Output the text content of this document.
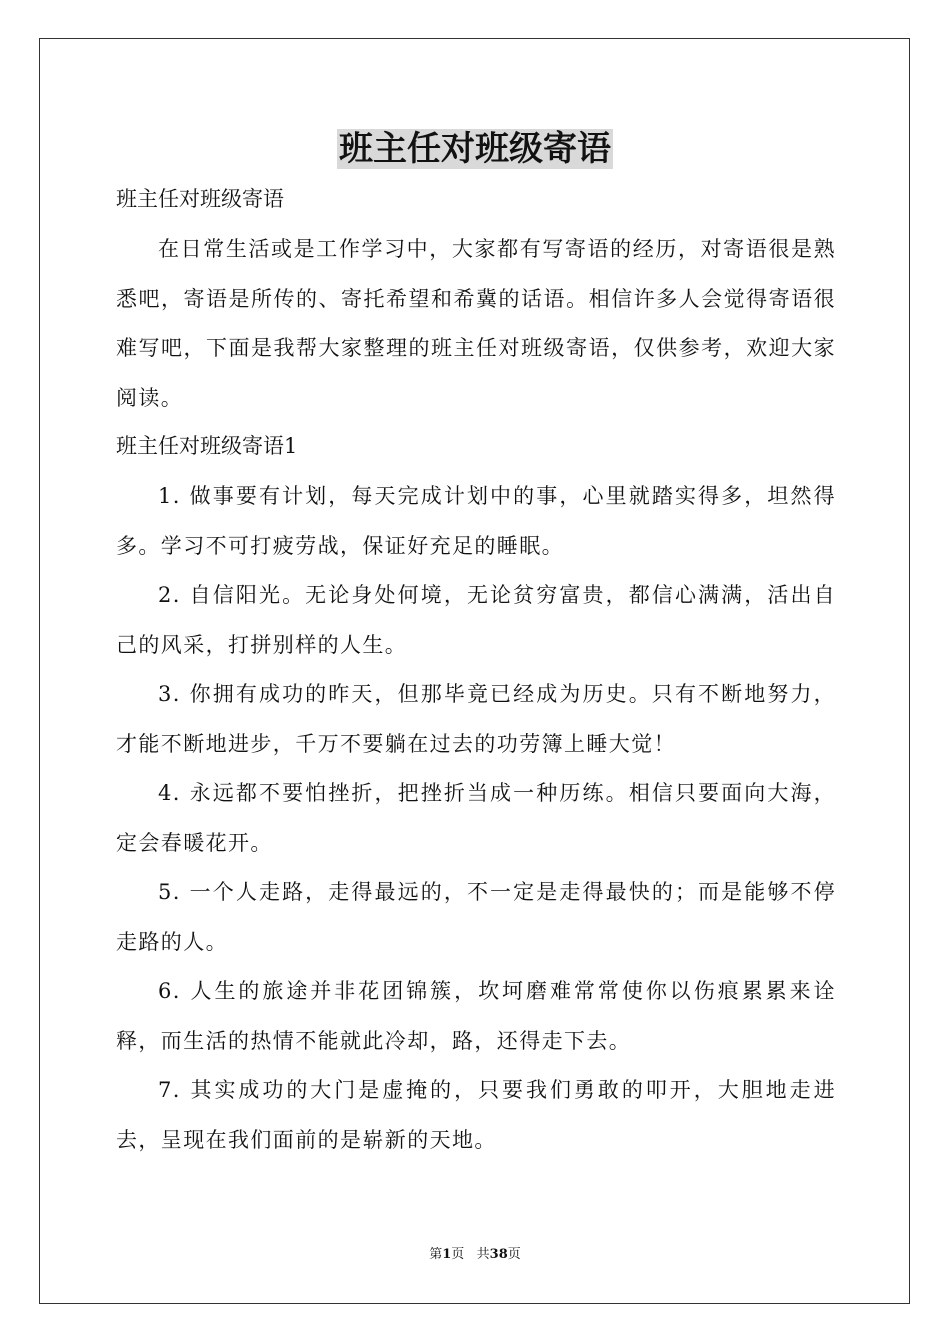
班主任对班级寄语

班主任对班级寄语

在日常生活或是工作学习中，大家都有写寄语的经历，对寄语很是熟悉吧，寄语是所传的、寄托希望和希冀的话语。相信许多人会觉得寄语很难写吧，下面是我帮大家整理的班主任对班级寄语，仅供参考，欢迎大家阅读。

班主任对班级寄语1

1. 做事要有计划，每天完成计划中的事，心里就踏实得多，坦然得多。学习不可打疲劳战，保证好充足的睡眠。

2. 自信阳光。无论身处何境，无论贫穷富贵，都信心满满，活出自己的风采，打拼别样的人生。

3. 你拥有成功的昨天，但那毕竟已经成为历史。只有不断地努力，才能不断地进步，千万不要躺在过去的功劳簿上睡大觉！

4. 永远都不要怕挫折，把挫折当成一种历练。相信只要面向大海，定会春暖花开。

5. 一个人走路，走得最远的，不一定是走得最快的；而是能够不停走路的人。

6. 人生的旅途并非花团锦簇，坎坷磨难常常使你以伤痕累累来诠释，而生活的热情不能就此冷却，路，还得走下去。

7. 其实成功的大门是虚掩的，只要我们勇敢的叩开，大胆地走进去，呈现在我们面前的是崭新的天地。

第1页   共38页
